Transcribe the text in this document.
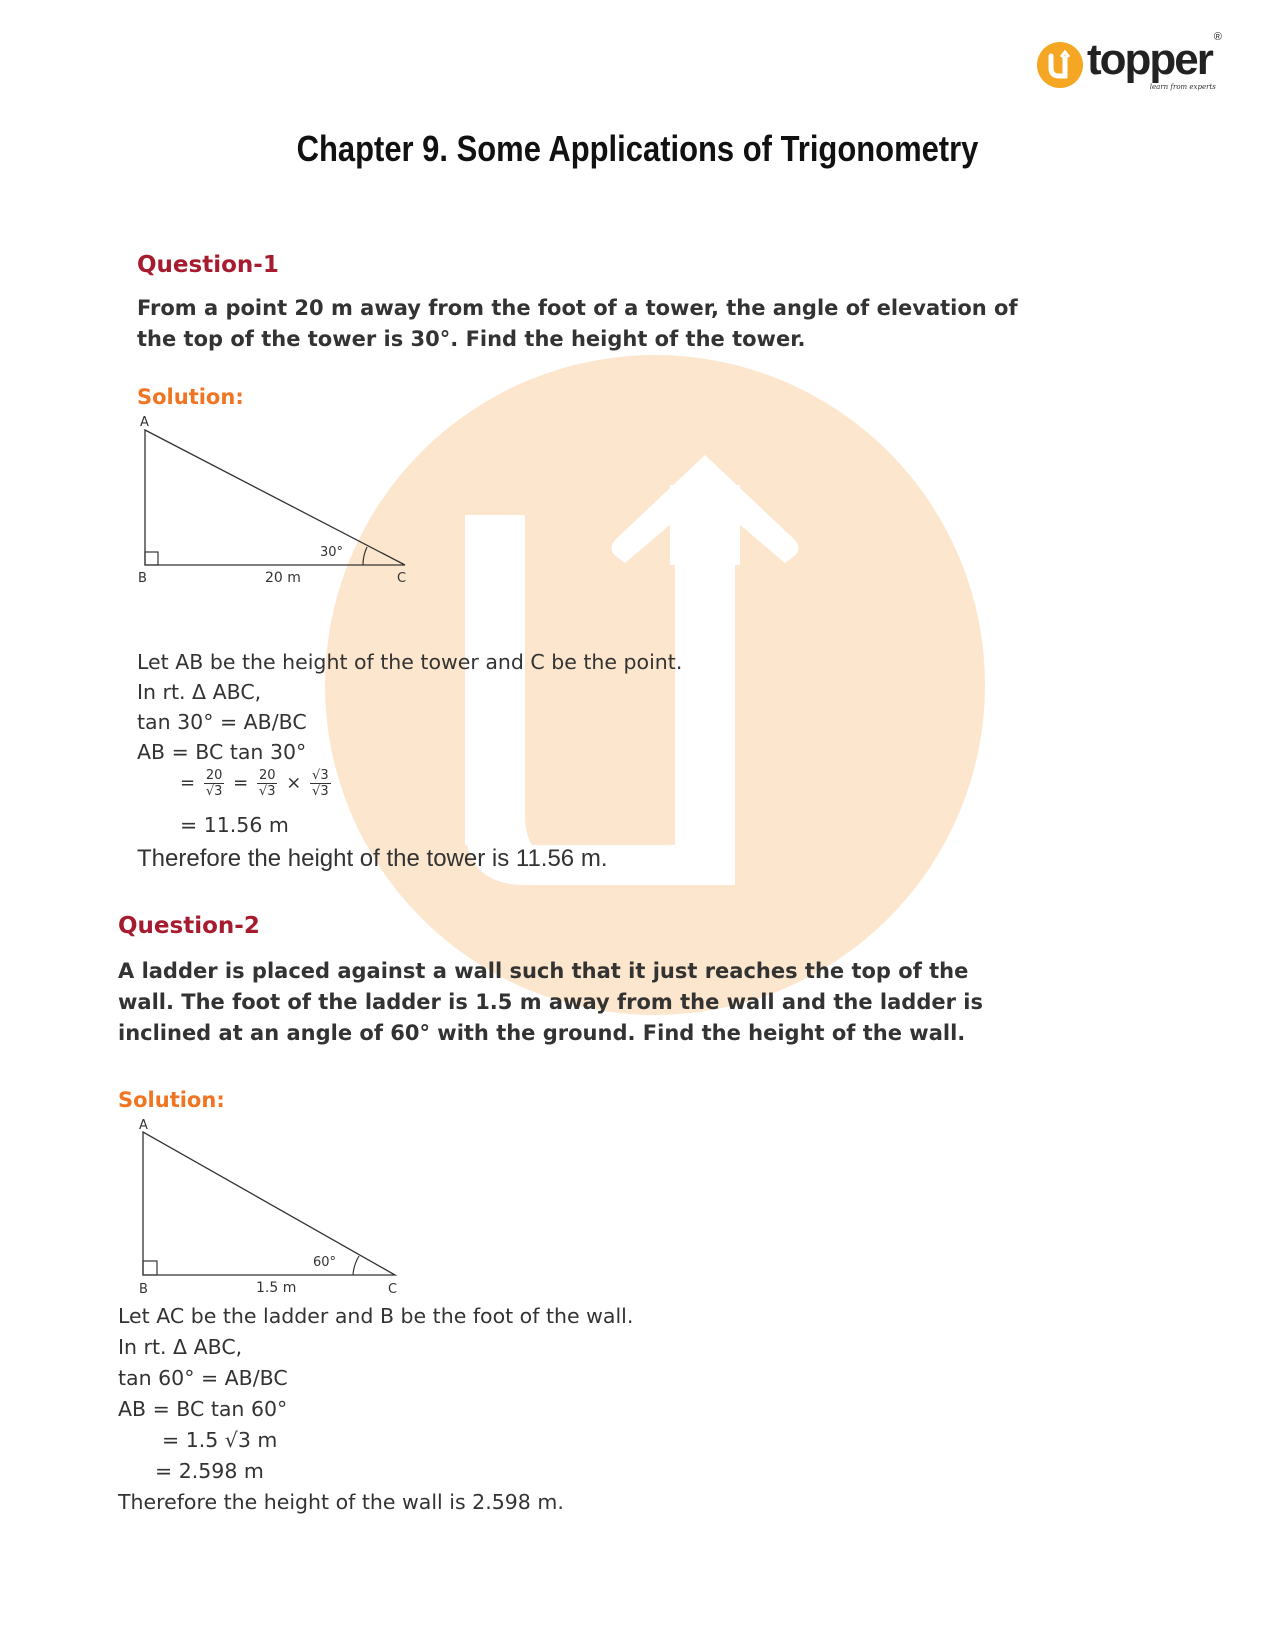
topper ®
learn from experts
Chapter 9. Some Applications of Trigonometry
Question-1
From a point 20 m away from the foot of a tower, the angle of elevation of
the top of the tower is 30°. Find the height of the tower.
Solution:
A
B	C
30°
20 m
Let AB be the height of the tower and C be the point.
In rt. Δ ABC,
tan 30° = AB/BC
AB = BC tan 30°
= $\frac{20}{√3} = \frac{20}{√3} \times \frac{√3}{√3}$
= 11.56 m
Therefore the height of the tower is 11.56 m.
Question-2
A ladder is placed against a wall such that it just reaches the top of the
wall. The foot of the ladder is 1.5 m away from the wall and the ladder is
inclined at an angle of 60° with the ground. Find the height of the wall.
Solution:
A
B	C
60°
1.5 m
Let AC be the ladder and B be the foot of the wall.
In rt. Δ ABC,
tan 60° = AB/BC
AB = BC tan 60°
= 1.5 √3 m
= 2.598 m
Therefore the height of the wall is 2.598 m.
